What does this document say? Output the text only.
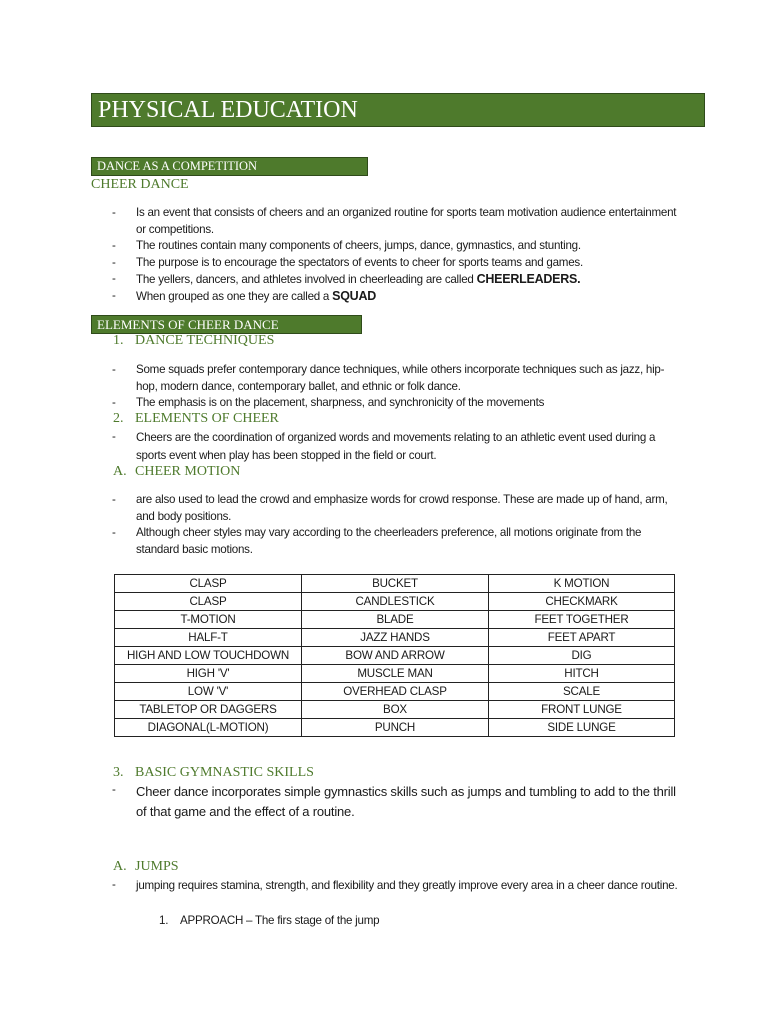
PHYSICAL EDUCATION
DANCE AS A COMPETITION
CHEER DANCE
- Is an event that consists of cheers and an organized routine for sports team motivation audience entertainment or competitions.
- The routines contain many components of cheers, jumps, dance, gymnastics, and stunting.
- The purpose is to encourage the spectators of events to cheer for sports teams and games.
- The yellers, dancers, and athletes involved in cheerleading are called CHEERLEADERS.
- When grouped as one they are called a SQUAD
ELEMENTS OF CHEER DANCE
1. DANCE TECHNIQUES
- Some squads prefer contemporary dance techniques, while others incorporate techniques such as jazz, hip-hop, modern dance, contemporary ballet, and ethnic or folk dance.
- The emphasis is on the placement, sharpness, and synchronicity of the movements
2. ELEMENTS OF CHEER
- Cheers are the coordination of organized words and movements relating to an athletic event used during a sports event when play has been stopped in the field or court.
A. CHEER MOTION
- are also used to lead the crowd and emphasize words for crowd response. These are made up of hand, arm, and body positions.
- Although cheer styles may vary according to the cheerleaders preference, all motions originate from the standard basic motions.
CLASP	BUCKET	K MOTION
CLASP	CANDLESTICK	CHECKMARK
T-MOTION	BLADE	FEET TOGETHER
HALF-T	JAZZ HANDS	FEET APART
HIGH AND LOW TOUCHDOWN	BOW AND ARROW	DIG
HIGH 'V'	MUSCLE MAN	HITCH
LOW 'V'	OVERHEAD CLASP	SCALE
TABLETOP OR DAGGERS	BOX	FRONT LUNGE
DIAGONAL(L-MOTION)	PUNCH	SIDE LUNGE
3. BASIC GYMNASTIC SKILLS
- Cheer dance incorporates simple gymnastics skills such as jumps and tumbling to add to the thrill of that game and the effect of a routine.
A. JUMPS
- jumping requires stamina, strength, and flexibility and they greatly improve every area in a cheer dance routine.
1. APPROACH – The firs stage of the jump
